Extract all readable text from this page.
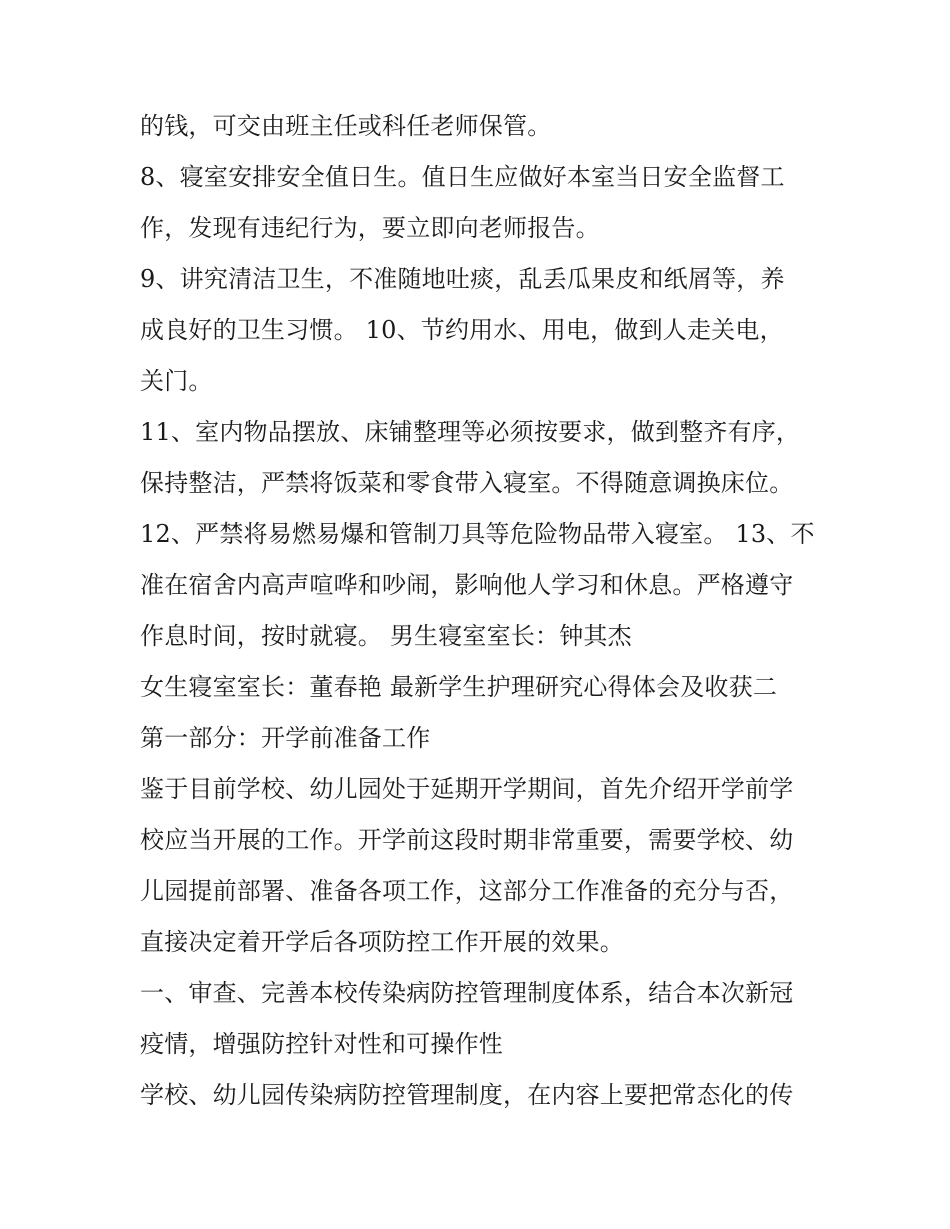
的钱，可交由班主任或科任老师保管。
8、寝室安排安全值日生。值日生应做好本室当日安全监督工
作，发现有违纪行为，要立即向老师报告。
9、讲究清洁卫生，不准随地吐痰，乱丢瓜果皮和纸屑等，养
成良好的卫生习惯。 10、节约用水、用电，做到人走关电，
关门。
11、室内物品摆放、床铺整理等必须按要求，做到整齐有序，
保持整洁，严禁将饭菜和零食带入寝室。不得随意调换床位。
12、严禁将易燃易爆和管制刀具等危险物品带入寝室。 13、不
准在宿舍内高声喧哗和吵闹，影响他人学习和休息。严格遵守
作息时间，按时就寝。 男生寝室室长：钟其杰
女生寝室室长：董春艳 最新学生护理研究心得体会及收获二
第一部分：开学前准备工作
鉴于目前学校、幼儿园处于延期开学期间，首先介绍开学前学
校应当开展的工作。开学前这段时期非常重要，需要学校、幼
儿园提前部署、准备各项工作，这部分工作准备的充分与否，
直接决定着开学后各项防控工作开展的效果。
一、审查、完善本校传染病防控管理制度体系，结合本次新冠
疫情，增强防控针对性和可操作性
学校、幼儿园传染病防控管理制度，在内容上要把常态化的传
